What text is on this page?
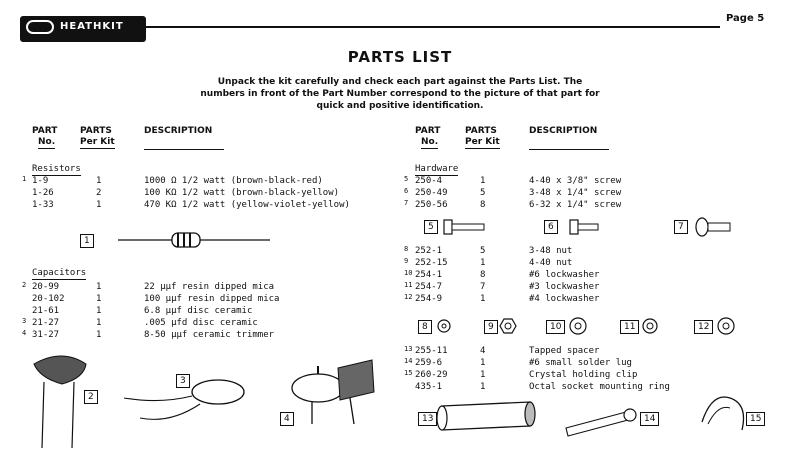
HEATHKIT
Page 5
PARTS LIST
Unpack the kit carefully and check each part against the Parts List. The numbers in front of the Part Number correspond to the picture of that part for quick and positive identification.
PART
No.
PARTS
Per Kit
DESCRIPTION	PART
No.
PARTS
Per Kit
DESCRIPTION
Resistors
1 1-9	1	1000 Ω 1/2 watt (brown-black-red)
1-26	2	100 KΩ 1/2 watt (brown-black-yellow)
1-33	1	470 KΩ 1/2 watt (yellow-violet-yellow)
Capacitors
2 20-99	1	22 μμf resin dipped mica
20-102	1	100 μμf resin dipped mica
21-61	1	6.8 μμf disc ceramic
3 21-27	1	.005 μfd disc ceramic
4 31-27	1	8-50 μμf ceramic trimmer
Hardware
5 250-4	1	4-40 x 3/8" screw
6 250-49	5	3-48 x 1/4" screw
7 250-56	8	6-32 x 1/4" screw
8 252-1	5	3-48 nut
9 252-15	1	4-40 nut
10 254-1	8	#6 lockwasher
11 254-7	7	#3 lockwasher
12 254-9	1	#4 lockwasher
13 255-11	4	Tapped spacer
14 259-6	1	#6 small solder lug
15 260-29	1	Crystal holding clip
435-1	1	Octal socket mounting ring
1
2
3
4
5	6	7
8	9	10	11	12
13	14	15
